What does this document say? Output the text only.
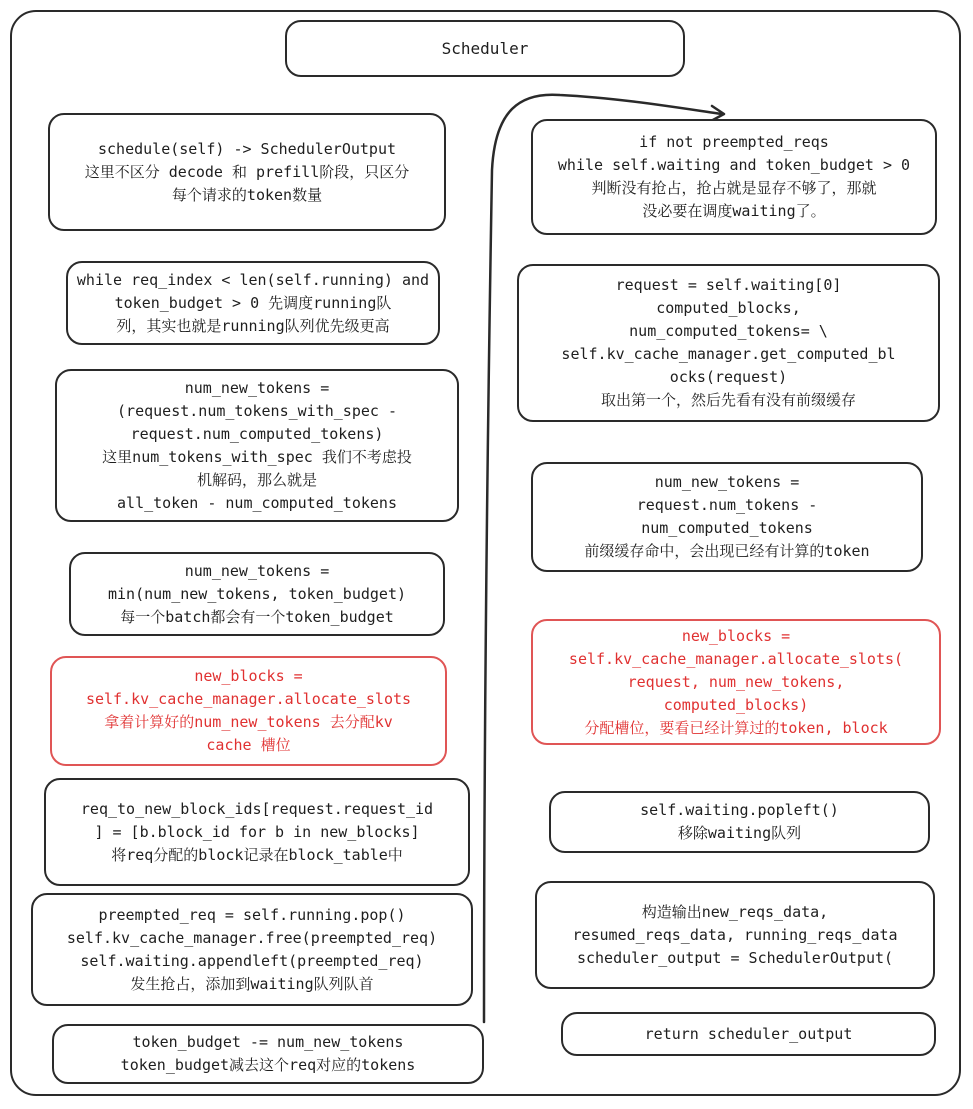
Scheduler
schedule(self) -> SchedulerOutput
这里不区分 decode 和 prefill阶段，只区分
每个请求的token数量
while req_index < len(self.running) and
token_budget > 0 先调度running队
列，其实也就是running队列优先级更高
num_new_tokens =
(request.num_tokens_with_spec -
request.num_computed_tokens)
这里num_tokens_with_spec 我们不考虑投
机解码，那么就是
all_token - num_computed_tokens
num_new_tokens =
min(num_new_tokens, token_budget)
每一个batch都会有一个token_budget
new_blocks =
self.kv_cache_manager.allocate_slots
拿着计算好的num_new_tokens 去分配kv
cache 槽位
req_to_new_block_ids[request.request_id
] = [b.block_id for b in new_blocks]
将req分配的block记录在block_table中
preempted_req = self.running.pop()
self.kv_cache_manager.free(preempted_req)
self.waiting.appendleft(preempted_req)
发生抢占，添加到waiting队列队首
token_budget -= num_new_tokens
token_budget减去这个req对应的tokens
if not preempted_reqs
while self.waiting and token_budget > 0
判断没有抢占，抢占就是显存不够了，那就
没必要在调度waiting了。
request = self.waiting[0]
computed_blocks,
num_computed_tokens= \
self.kv_cache_manager.get_computed_bl
ocks(request)
取出第一个，然后先看有没有前缀缓存
num_new_tokens =
request.num_tokens -
num_computed_tokens
前缀缓存命中，会出现已经有计算的token
new_blocks =
self.kv_cache_manager.allocate_slots(
request, num_new_tokens,
computed_blocks)
分配槽位，要看已经计算过的token, block
self.waiting.popleft()
移除waiting队列
构造输出new_reqs_data,
resumed_reqs_data, running_reqs_data
scheduler_output = SchedulerOutput(
return scheduler_output
